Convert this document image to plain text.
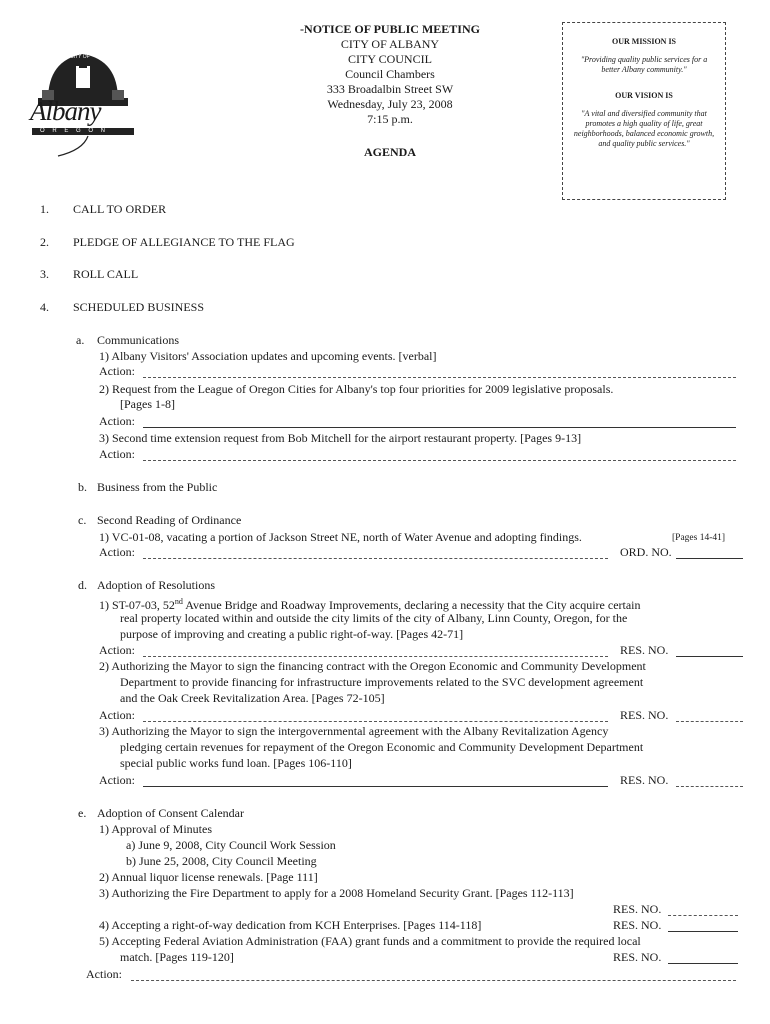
CITY OF
Albany
O R E G O N
-NOTICE OF PUBLIC MEETING
CITY OF ALBANY
CITY COUNCIL
Council Chambers
333 Broadalbin Street SW
Wednesday, July 23, 2008
7:15 p.m.
AGENDA
OUR MISSION IS
"Providing quality public services for a better Albany community."
OUR VISION IS
"A vital and diversified community that promotes a high quality of life, great neighborhoods, balanced economic growth, and quality public services."
1. CALL TO ORDER
2. PLEDGE OF ALLEGIANCE TO THE FLAG
3. ROLL CALL
4. SCHEDULED BUSINESS
a. Communications
1) Albany Visitors' Association updates and upcoming events. [verbal]
Action:
2) Request from the League of Oregon Cities for Albany's top four priorities for 2009 legislative proposals.
[Pages 1-8]
Action:
3) Second time extension request from Bob Mitchell for the airport restaurant property. [Pages 9-13]
Action:
b. Business from the Public
c. Second Reading of Ordinance
1) VC-01-08, vacating a portion of Jackson Street NE, north of Water Avenue and adopting findings.	[Pages 14-41]
Action:	ORD. NO.
d. Adoption of Resolutions
1) ST-07-03, 52nd Avenue Bridge and Roadway Improvements, declaring a necessity that the City acquire certain
real property located within and outside the city limits of the city of Albany, Linn County, Oregon, for the
purpose of improving and creating a public right-of-way. [Pages 42-71]
Action:	RES. NO.
2) Authorizing the Mayor to sign the financing contract with the Oregon Economic and Community Development
Department to provide financing for infrastructure improvements related to the SVC development agreement
and the Oak Creek Revitalization Area. [Pages 72-105]
Action:	RES. NO.
3) Authorizing the Mayor to sign the intergovernmental agreement with the Albany Revitalization Agency
pledging certain revenues for repayment of the Oregon Economic and Community Development Department
special public works fund loan. [Pages 106-110]
Action:	RES. NO.
e. Adoption of Consent Calendar
1) Approval of Minutes
a) June 9, 2008, City Council Work Session
b) June 25, 2008, City Council Meeting
2) Annual liquor license renewals. [Page 111]
3) Authorizing the Fire Department to apply for a 2008 Homeland Security Grant. [Pages 112-113]
RES. NO.
4) Accepting a right-of-way dedication from KCH Enterprises. [Pages 114-118]	RES. NO.
5) Accepting Federal Aviation Administration (FAA) grant funds and a commitment to provide the required local
match. [Pages 119-120]	RES. NO.
Action:
